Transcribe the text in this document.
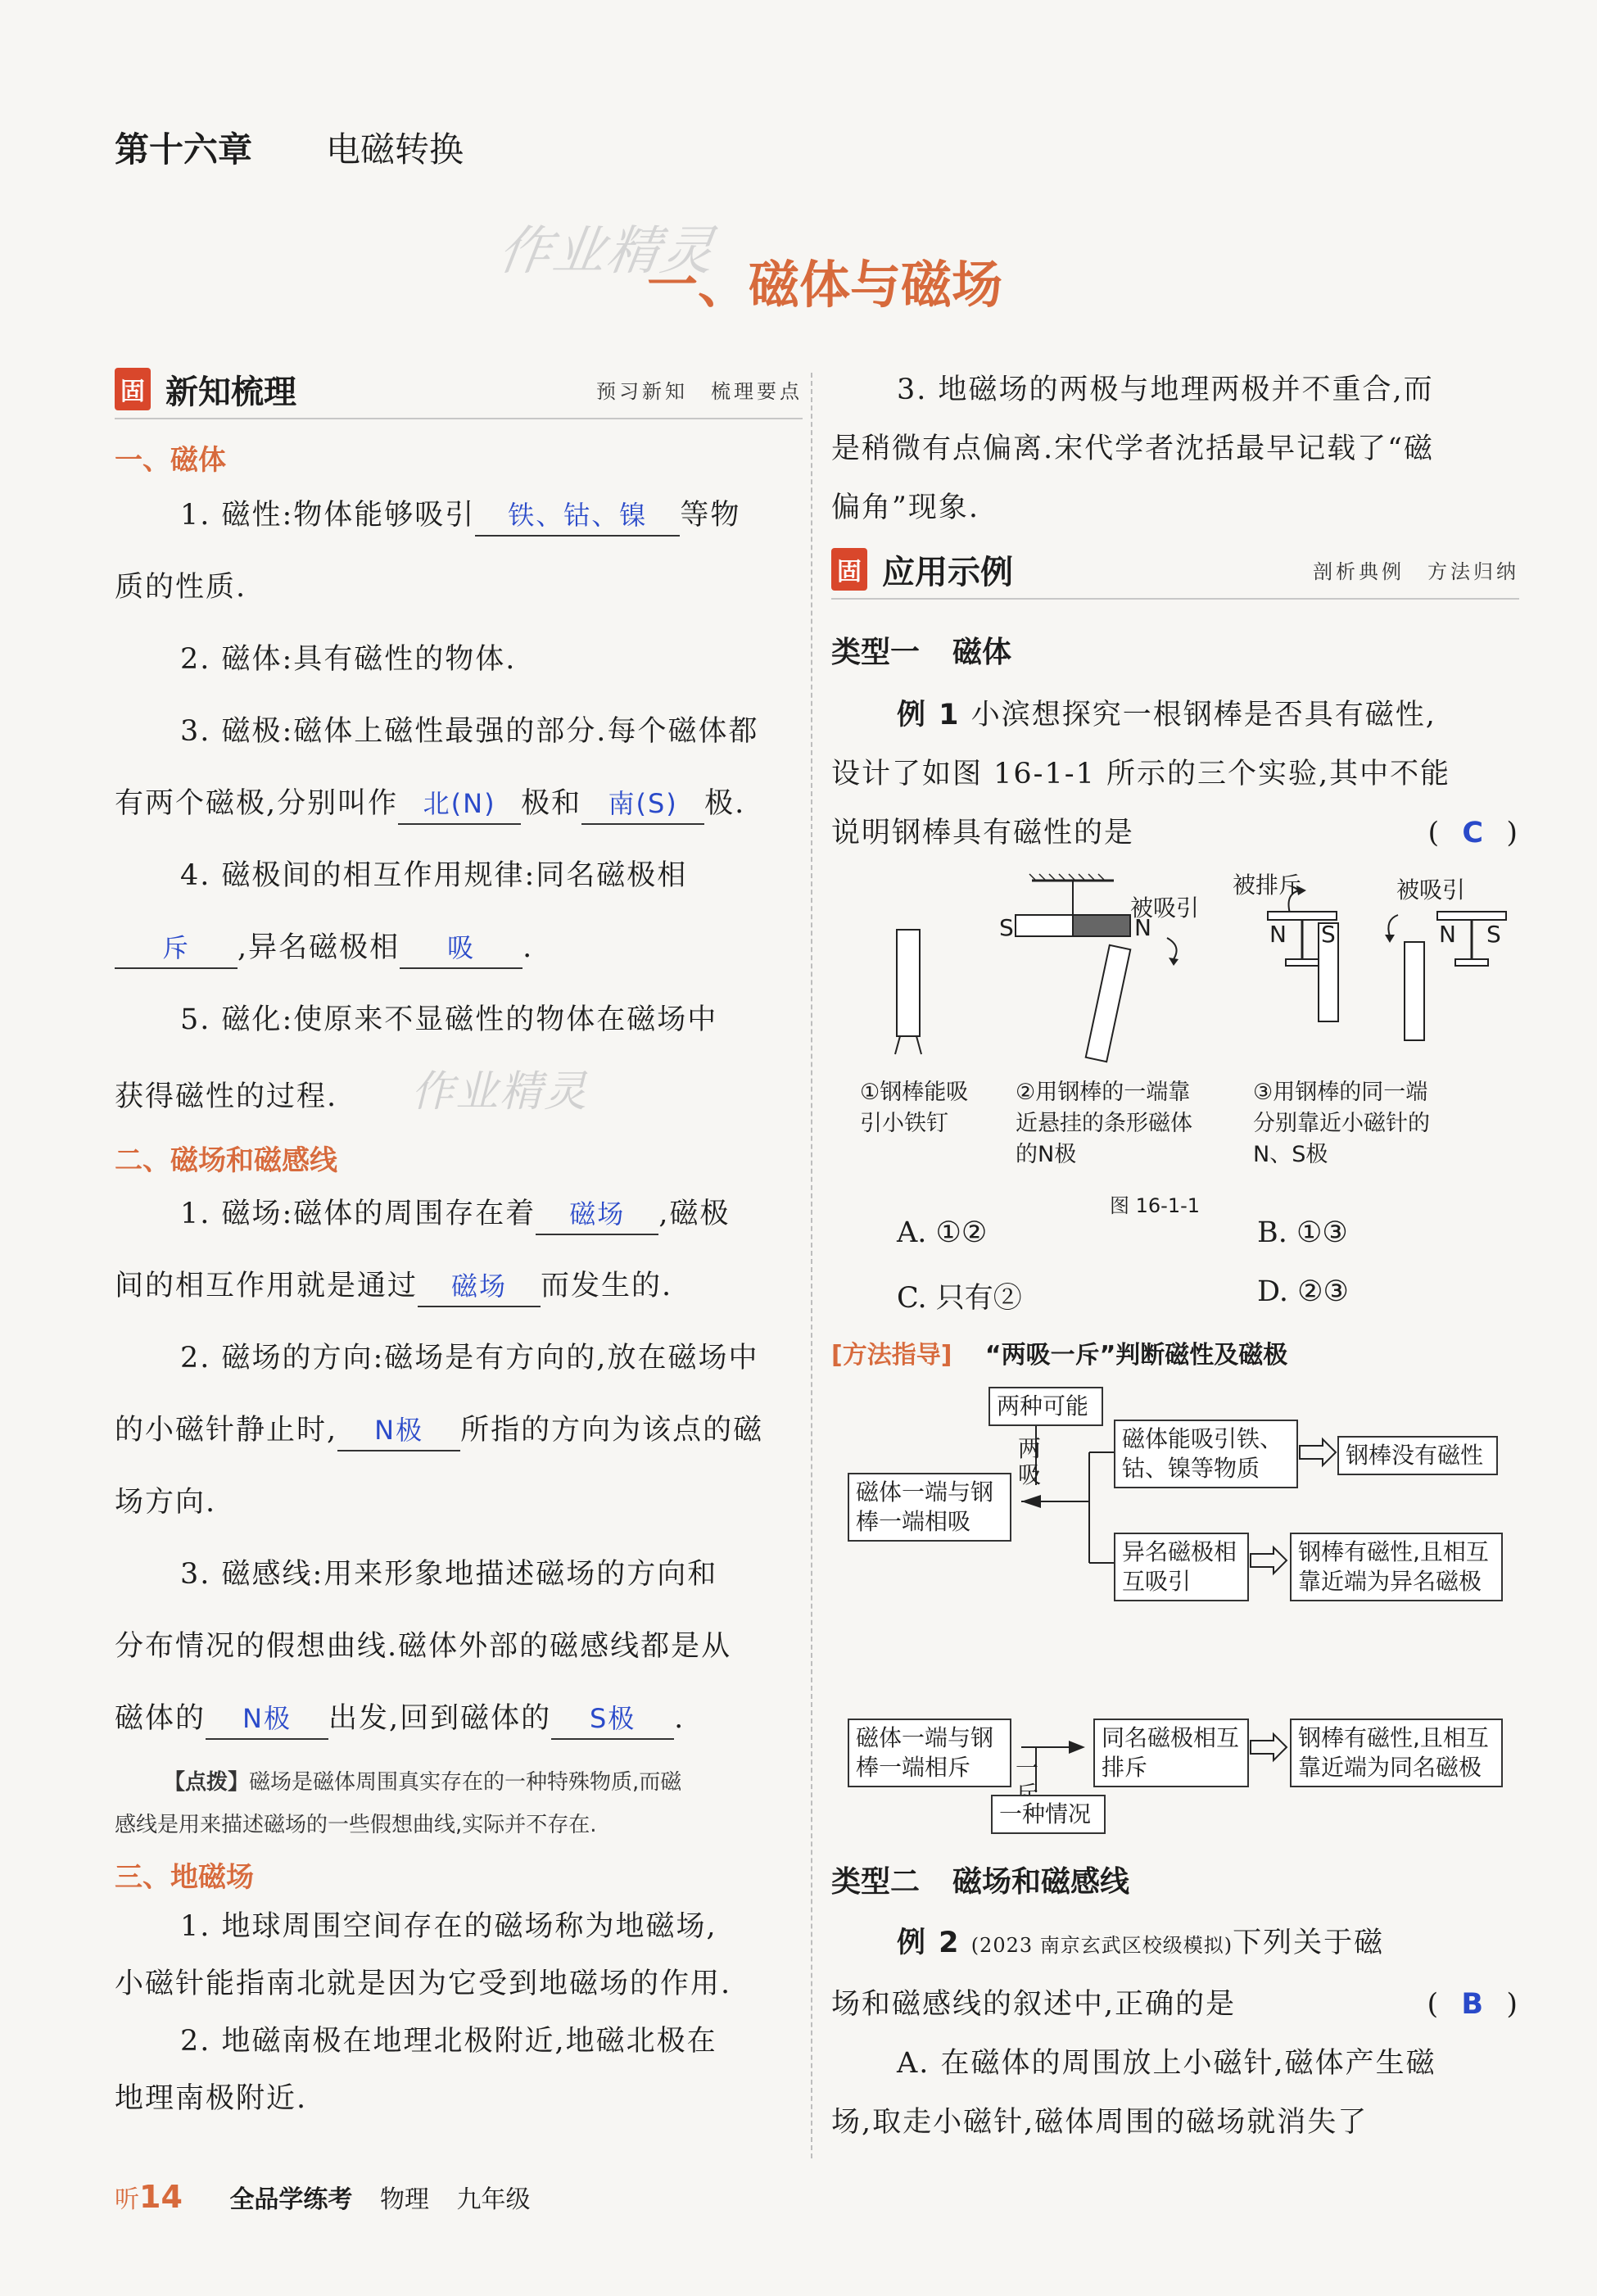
第十六章 电磁转换
作业精灵
一、磁体与磁场
固 新知梳理	预习新知　梳理要点
一、磁体
1. 磁性:物体能够吸引 铁、钴、镍 等物
质的性质.
2. 磁体:具有磁性的物体.
3. 磁极:磁体上磁性最强的部分.每个磁体都
有两个磁极,分别叫作 北(N) 极和 南(S) 极.
4. 磁极间的相互作用规律:同名磁极相
斥 ,异名磁极相 吸 .
5. 磁化:使原来不显磁性的物体在磁场中
获得磁性的过程. 作业精灵
二、磁场和磁感线
1. 磁场:磁体的周围存在着 磁场 ,磁极
间的相互作用就是通过 磁场 而发生的.
2. 磁场的方向:磁场是有方向的,放在磁场中
的小磁针静止时, N极 所指的方向为该点的磁
场方向.
3. 磁感线:用来形象地描述磁场的方向和
分布情况的假想曲线.磁体外部的磁感线都是从
磁体的 N极 出发,回到磁体的 S极 .
【点拨】磁场是磁体周围真实存在的一种特殊物质,而磁
感线是用来描述磁场的一些假想曲线,实际并不存在.
三、地磁场
1. 地球周围空间存在的磁场称为地磁场,
小磁针能指南北就是因为它受到地磁场的作用.
2. 地磁南极在地理北极附近,地磁北极在
地理南极附近.
3. 地磁场的两极与地理两极并不重合,而
是稍微有点偏离.宋代学者沈括最早记载了“磁
偏角”现象.
固 应用示例	剖析典例　方法归纳
类型一 磁体
例 1 小滨想探究一根钢棒是否具有磁性,
设计了如图 16-1-1 所示的三个实验,其中不能
说明钢棒具有磁性的是	( C )
被吸引
被排斥	被吸引
S	N	N S	N S
①钢棒能吸
引小铁钉
②用钢棒的一端靠
近悬挂的条形磁体
的N极
③用钢棒的同一端
分别靠近小磁针的
N、S极
图 16-1-1
A. ①②	B. ①③
C. 只有②	D. ②③
[方法指导] “两吸一斥”判断磁性及磁极
两种可能
两吸
磁体一端与钢棒一端相吸
磁体能吸引铁、钴、镍等物质	钢棒没有磁性
异名磁极相互吸引
钢棒有磁性,且相互靠近端为异名磁极
磁体一端与钢棒一端相斥
同名磁极相互排斥
钢棒有磁性,且相互靠近端为同名磁极
一
一种情况
类型二 磁场和磁感线
例 2 (2023 南京玄武区校级模拟)下列关于磁
场和磁感线的叙述中,正确的是	( B )
A. 在磁体的周围放上小磁针,磁体产生磁
场,取走小磁针,磁体周围的磁场就消失了
听14 全品学练考 物理 九年级
